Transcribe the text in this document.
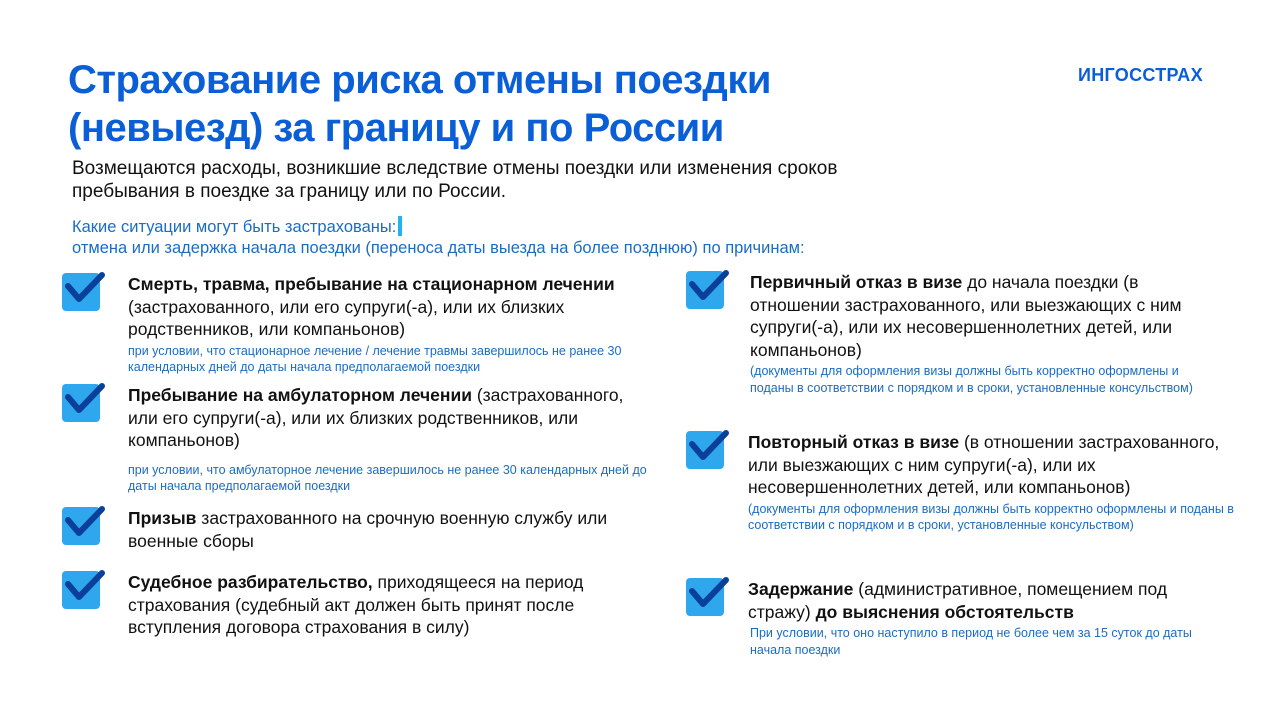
Страхование риска отмены поездки
(невыезд) за границу и по России
ИНГОССТРАХ
Возмещаются расходы, возникшие вследствие отмены поездки или изменения сроков
пребывания в поездке за границу или по России.
Какие ситуации могут быть застрахованы:
отмена или задержка начала поездки (переноса даты выезда на более позднюю) по причинам:
Смерть, травма, пребывание на стационарном лечении (застрахованного, или его супруги(-а), или их близких родственников, или компаньонов)
при условии, что стационарное лечение / лечение травмы завершилось не ранее 30 календарных дней до даты начала предполагаемой поездки
Пребывание на амбулаторном лечении (застрахованного, или его супруги(-а), или их близких родственников, или компаньонов)
при условии, что амбулаторное лечение завершилось не ранее 30 календарных дней до даты начала предполагаемой поездки
Призыв застрахованного на срочную военную службу или военные сборы
Судебное разбирательство, приходящееся на период страхования (судебный акт должен быть принят после вступления договора страхования в силу)
Первичный отказ в визе до начала поездки (в отношении застрахованного, или выезжающих с ним супруги(-а), или их несовершеннолетних детей, или компаньонов)
(документы для оформления визы должны быть корректно оформлены и поданы в соответствии с порядком и в сроки, установленные консульством)
Повторный отказ в визе (в отношении застрахованного, или выезжающих с ним супруги(-а), или их несовершеннолетних детей, или компаньонов)
(документы для оформления визы должны быть корректно оформлены и поданы в соответствии с порядком и в сроки, установленные консульством)
Задержание (административное, помещением под стражу) до выяснения обстоятельств
При условии, что оно наступило в период не более чем за 15 суток до даты начала поездки
